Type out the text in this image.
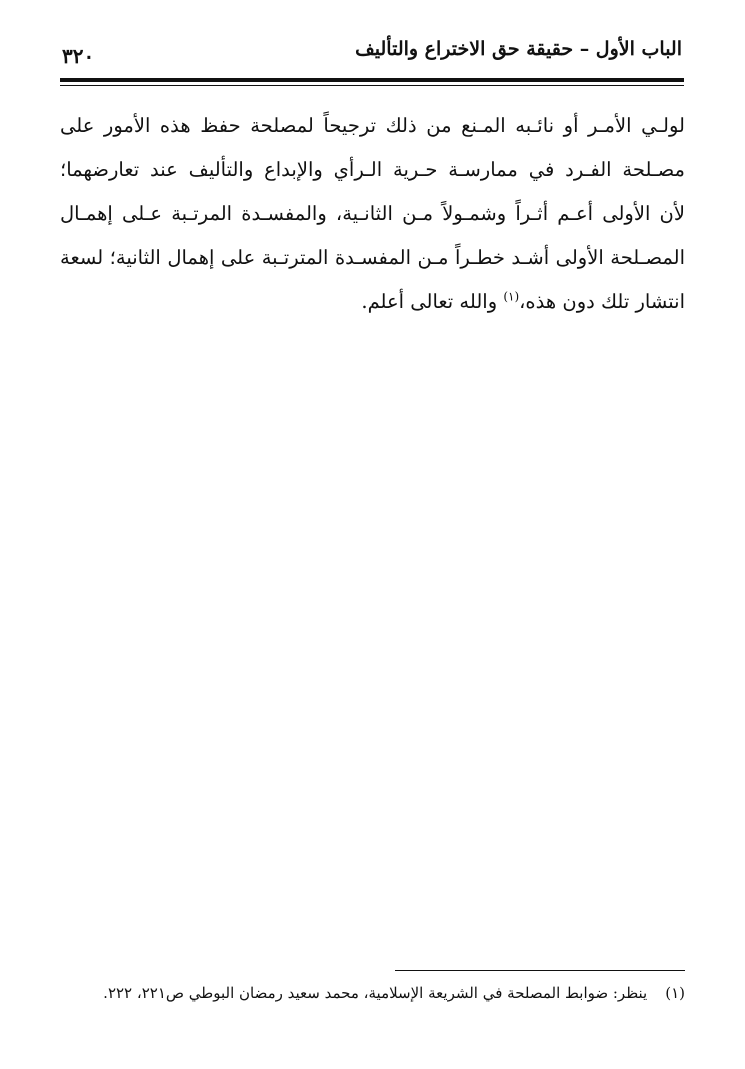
الباب الأول – حقيقة حق الاختراع والتأليف
٣٢٠
لولـي الأمـر أو نائـبه المـنع من ذلك ترجيحاً لمصلحة حفظ هذه الأمور على
مصـلحة الفـرد في ممارسـة حـرية الـرأي والإبداع والتأليف عند تعارضهما؛
لأن الأولى أعـم أثـراً وشمـولاً مـن الثانـية، والمفسـدة المرتـبة عـلى إهمـال
المصـلحة الأولى أشـد خطـراً مـن المفسـدة المترتـبة على إهمال الثانية؛ لسعة
انتشار تلك دون هذه،$^{(١)}$ والله تعالى أعلم.
(١)ينظر: ضوابط المصلحة في الشريعة الإسلامية، محمد سعيد رمضان البوطي ص٢٢١، ٢٢٢.
